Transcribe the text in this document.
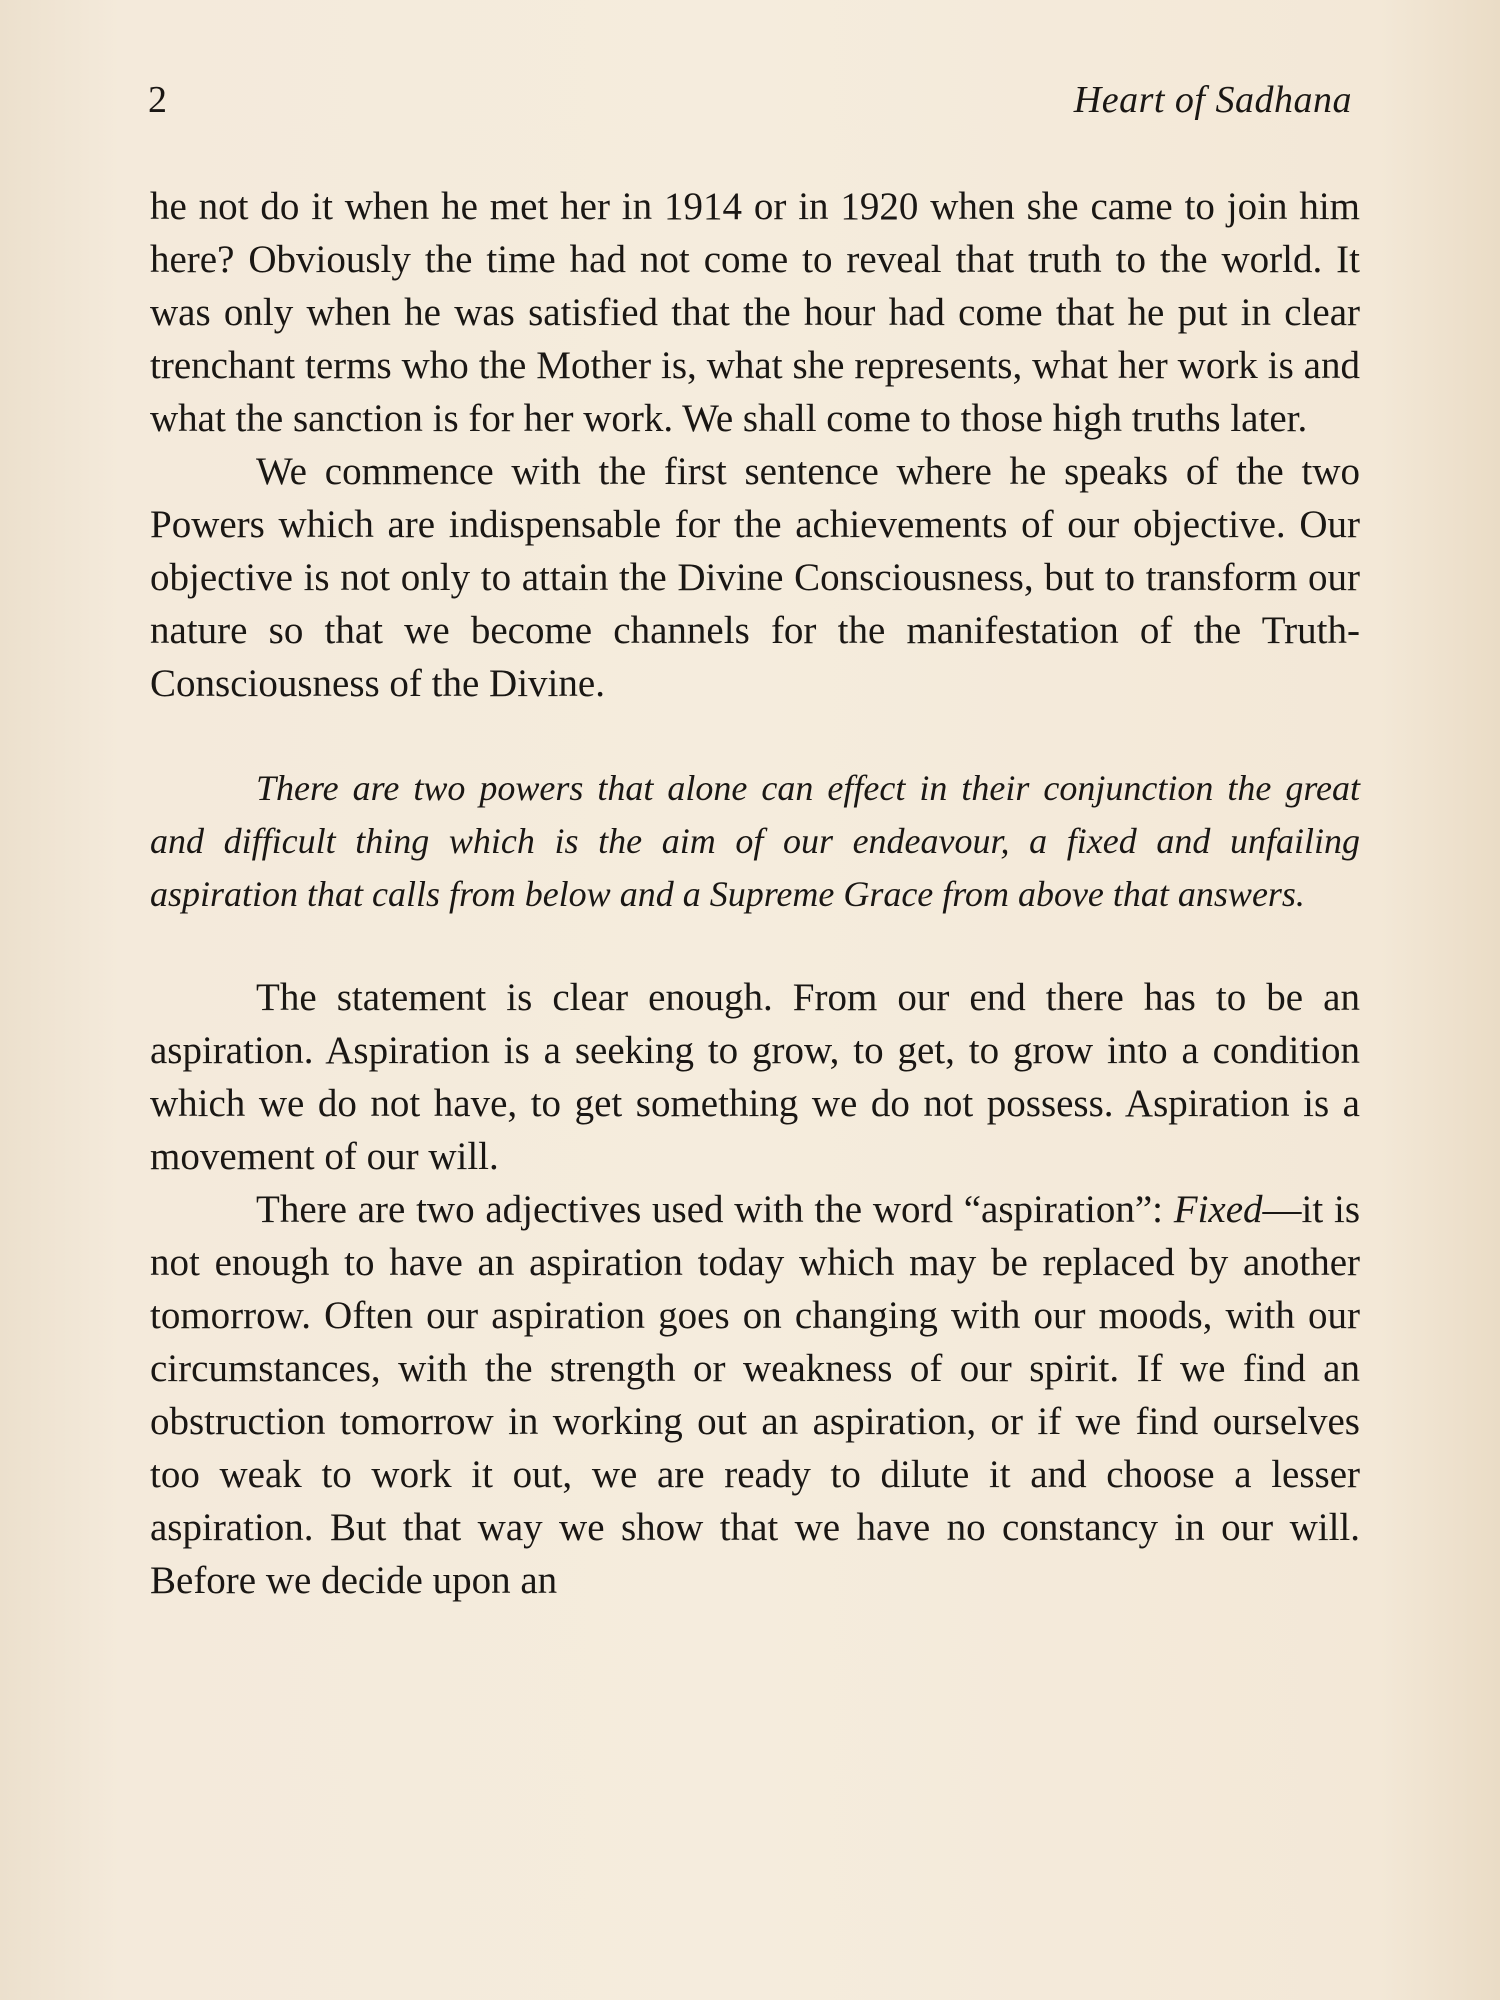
2	Heart of Sadhana

he not do it when he met her in 1914 or in 1920 when she came to join him here? Obviously the time had not come to reveal that truth to the world. It was only when he was satisfied that the hour had come that he put in clear trenchant terms who the Mother is, what she represents, what her work is and what the sanction is for her work. We shall come to those high truths later.

We commence with the first sentence where he speaks of the two Powers which are indispensable for the achievements of our objective. Our objective is not only to attain the Divine Consciousness, but to transform our nature so that we become channels for the manifestation of the Truth-Consciousness of the Divine.

There are two powers that alone can effect in their conjunction the great and difficult thing which is the aim of our endeavour, a fixed and unfailing aspiration that calls from below and a Supreme Grace from above that answers.

The statement is clear enough. From our end there has to be an aspiration. Aspiration is a seeking to grow, to get, to grow into a condition which we do not have, to get something we do not possess. Aspiration is a movement of our will.

There are two adjectives used with the word “aspiration”: Fixed—it is not enough to have an aspiration today which may be replaced by another tomorrow. Often our aspiration goes on changing with our moods, with our circumstances, with the strength or weakness of our spirit. If we find an obstruction tomorrow in working out an aspiration, or if we find ourselves too weak to work it out, we are ready to dilute it and choose a lesser aspiration. But that way we show that we have no constancy in our will. Before we decide upon an
